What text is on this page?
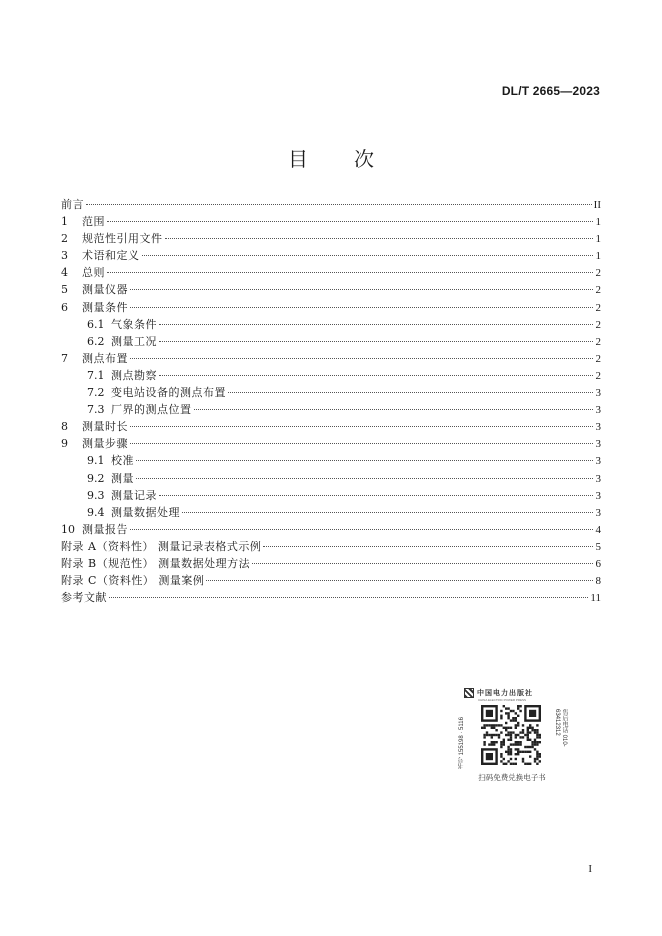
DL/T 2665—2023
目次
前言	II
1	范围	1
2	规范性引用文件	1
3	术语和定义	1
4	总则	2
5	测量仪器	2
6	测量条件	2
6.1 气象条件	2
6.2 测量工况	2
7	测点布置	2
7.1 测点勘察	2
7.2 变电站设备的测点布置	3
7.3 厂界的测点位置	3
8	测量时长	3
9	测量步骤	3
9.1 校准	3
9.2 测量	3
9.3 测量记录	3
9.4 测量数据处理	3
10 测量报告	4
附录 A（资料性） 测量记录表格式示例	5
附录 B（规范性） 测量数据处理方法	6
附录 C（资料性） 测量案例	8
参考文献	11
中国电力出版社
CHINA ELECTRIC POWER PRESS
书号 155198 · 5116	售后电话 010-63412312
扫码免费兑换电子书
I
